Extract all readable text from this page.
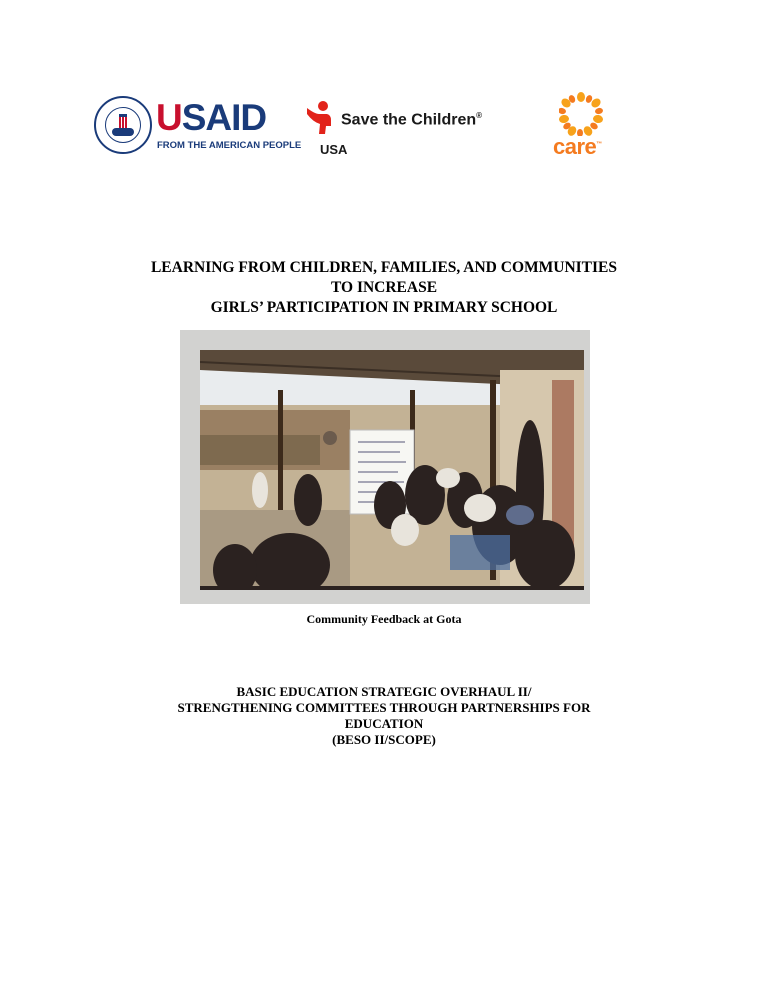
USAID
FROM THE AMERICAN PEOPLE
Save the Children®
USA	care™
LEARNING FROM CHILDREN, FAMILIES, AND COMMUNITIES
TO INCREASE
GIRLS’ PARTICIPATION IN PRIMARY SCHOOL
Community Feedback at Gota
BASIC EDUCATION STRATEGIC OVERHAUL II/
STRENGTHENING COMMITTEES THROUGH PARTNERSHIPS FOR
EDUCATION
(BESO II/SCOPE)
